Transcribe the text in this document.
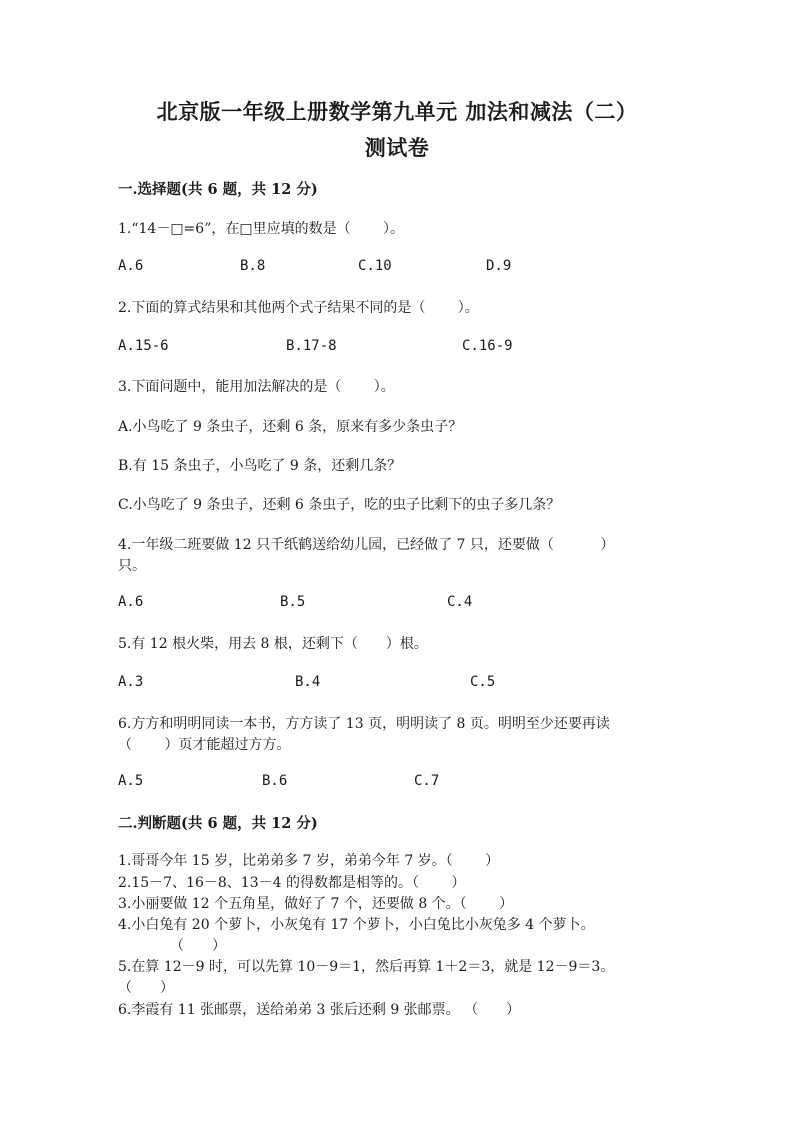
北京版一年级上册数学第九单元 加法和减法（二）
测试卷
一.选择题(共 6 题，共 12 分)
1.“14－□=6”，在□里应填的数是（　　 ）。
A.6	B.8	C.10	D.9
2.下面的算式结果和其他两个式子结果不同的是（　　 ）。
A.15-6	B.17-8	C.16-9
3.下面问题中，能用加法解决的是（　　 ）。
A.小鸟吃了 9 条虫子，还剩 6 条，原来有多少条虫子？
B.有 15 条虫子，小鸟吃了 9 条，还剩几条？
C.小鸟吃了 9 条虫子，还剩 6 条虫子，吃的虫子比剩下的虫子多几条？
4.一年级二班要做 12 只千纸鹤送给幼儿园，已经做了 7 只，还要做（　　　 ）
只。
A.6	B.5	C.4
5.有 12 根火柴，用去 8 根，还剩下（　　）根。
A.3	B.4	C.5
6.方方和明明同读一本书，方方读了 13 页，明明读了 8 页。明明至少还要再读
（　　 ）页才能超过方方。
A.5	B.6	C.7
二.判断题(共 6 题，共 12 分)
1.哥哥今年 15 岁，比弟弟多 7 岁，弟弟今年 7 岁。（　　 ）
2.15－7、16－8、13－4 的得数都是相等的。（　　 ）
3.小丽要做 12 个五角星，做好了 7 个，还要做 8 个。（　　 ）
4.小白兔有 20 个萝卜，小灰兔有 17 个萝卜，小白兔比小灰兔多 4 个萝卜。
（　　）
5.在算 12－9 时，可以先算 10－9＝1，然后再算 1＋2＝3，就是 12－9＝3。
（　　）
6.李霞有 11 张邮票，送给弟弟 3 张后还剩 9 张邮票。 （　　）
